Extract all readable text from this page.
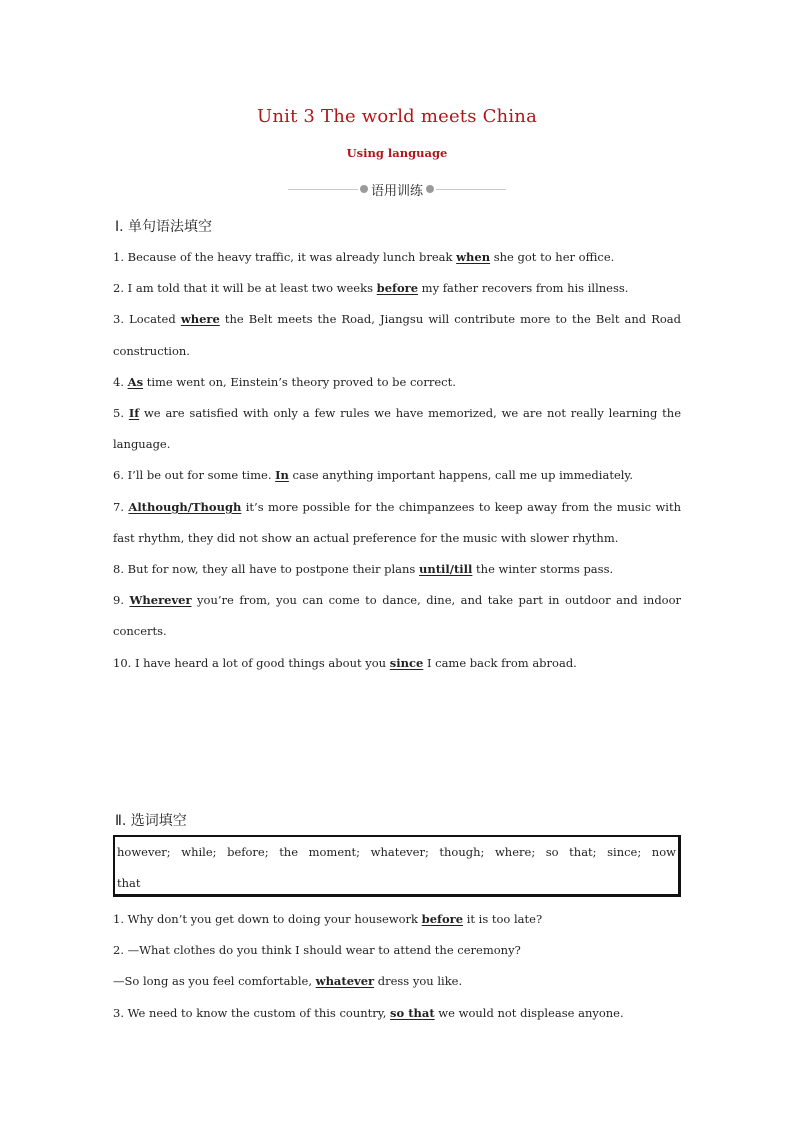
Unit 3 The world meets China
Using language
语用训练
Ⅰ. 单句语法填空

1. Because of the heavy traffic, it was already lunch break when she got to her office.

2. I am told that it will be at least two weeks before my father recovers from his illness.

3. Located where the Belt meets the Road, Jiangsu will contribute more to the Belt and Road construction.

4. As time went on, Einstein’s theory proved to be correct.

5. If we are satisfied with only a few rules we have memorized, we are not really learning the language.

6. I’ll be out for some time. In case anything important happens, call me up immediately.

7. Although/Though it’s more possible for the chimpanzees to keep away from the music with fast rhythm, they did not show an actual preference for the music with slower rhythm.

8. But for now, they all have to postpone their plans until/till the winter storms pass.

9. Wherever you’re from, you can come to dance, dine, and take part in outdoor and indoor concerts.

10. I have heard a lot of good things about you since I came back from abroad.

Ⅱ. 选词填空
however; while; before; the moment; whatever; though; where; so that; since; now
that

1. Why don’t you get down to doing your housework before it is too late?

2. —What clothes do you think I should wear to attend the ceremony?

—So long as you feel comfortable, whatever dress you like.

3. We need to know the custom of this country, so that we would not displease anyone.
